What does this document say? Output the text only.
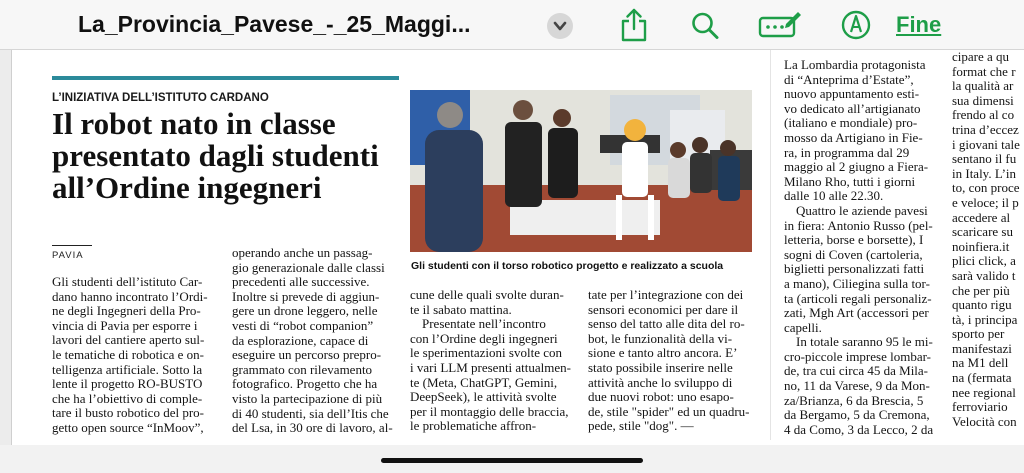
La_Provincia_Pavese_-_25_Maggi...	Fine
L’INIZIATIVA DELL’ISTITUTO CARDANO
Il robot nato in classe
presentato dagli studenti
all’Ordine ingegneri
Gli studenti con il torso robotico progetto e realizzato a scuola
PAVIA
Gli studenti dell’istituto Car-
dano hanno incontrato l’Ordi-
ne degli Ingegneri della Pro-
vincia di Pavia per esporre i
lavori del cantiere aperto sul-
le tematiche di robotica e on-
telligenza artificiale. Sotto la
lente il progetto RO-BUSTO
che ha l’obiettivo di comple-
tare il busto robotico del pro-
getto open source “InMoov”,
operando anche un passag-
gio generazionale dalle classi
precedenti alle successive.
Inoltre si prevede di aggiun-
gere un drone leggero, nelle
vesti di “robot companion”
da esplorazione, capace di
eseguire un percorso prepro-
grammato con rilevamento
fotografico. Progetto che ha
visto la partecipazione di più
di 40 studenti, sia dell’Itis che
del Lsa, in 30 ore di lavoro, al-
cune delle quali svolte duran-
te il sabato mattina.
Presentate nell’incontro
con l’Ordine degli ingegneri
le sperimentazioni svolte con
i vari LLM presenti attualmen-
te (Meta, ChatGPT, Gemini,
DeepSeek), le attività svolte
per il montaggio delle braccia,
le problematiche affron-
tate per l’integrazione con dei
sensori economici per dare il
senso del tatto alle dita del ro-
bot, le funzionalità della vi-
sione e tanto altro ancora. E’
stato possibile inserire nelle
attività anche lo sviluppo di
due nuovi robot: uno esapo-
de, stile "spider" ed un quadru-
pede, stile "dog". —
La Lombardia protagonista
di “Anteprima d’Estate”,
nuovo appuntamento esti-
vo dedicato all’artigianato
(italiano e mondiale) pro-
mosso da Artigiano in Fie-
ra, in programma dal 29
maggio al 2 giugno a Fiera-
Milano Rho, tutti i giorni
dalle 10 alle 22.30.
Quattro le aziende pavesi
in fiera: Antonio Russo (pel-
letteria, borse e borsette), I
sogni di Coven (cartoleria,
biglietti personalizzati fatti
a mano), Ciliegina sulla tor-
ta (articoli regali personaliz-
zati, Mgh Art (accessori per
capelli.
In totale saranno 95 le mi-
cro-piccole imprese lombar-
de, tra cui circa 45 da Mila-
no, 11 da Varese, 9 da Mon-
za/Brianza, 6 da Brescia, 5
da Bergamo, 5 da Cremona,
4 da Como, 3 da Lecco, 2 da
cipare a qu
format che r
la qualità ar
sua dimensi
frendo al co
trina d’eccez
i giovani tale
sentano il fu
in Italy. L’in
to, con proce
e veloce; il p
accedere al
scaricare su
noinfiera.it
plici click, a
sarà valido t
che per più
quanto rigu
tà, i principa
sporto per
manifestazi
na M1 dell
na (fermata
nee regional
ferroviario
Velocità con
